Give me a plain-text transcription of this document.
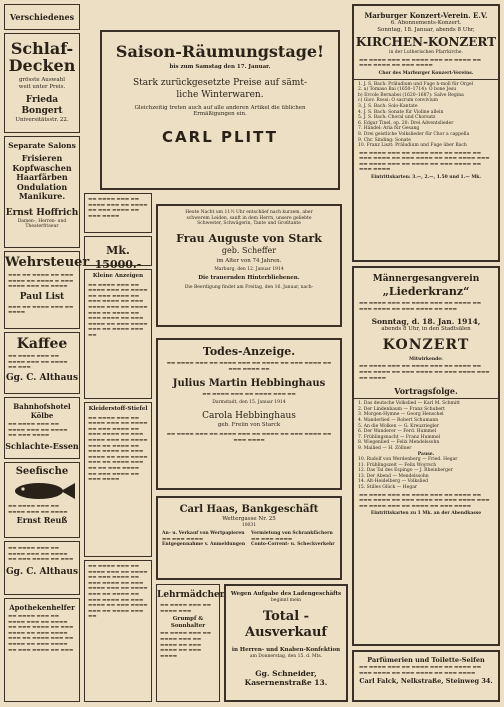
Verschiedenes
Schlaf-
Decken
grösste Auswahl
weit unter Preis.
Frieda Bongert
Universitätsstr. 22.
Separate Salons
Frisieren
Kopfwaschen
Haarfärben
Ondulation
Manikure.
Ernst Hoffrich
Damen-, Herren- und Theaterfriseur
Wehrsteuer
▬▬▬ ▬▬ ▬▬▬▬ ▬▬ ▬▬▬ ▬▬▬▬ ▬▬ ▬▬▬▬ ▬ ▬▬▬ ▬▬▬▬ ▬▬▬ ▬▬ ▬▬▬▬
Paul List
▬▬▬ ▬▬ ▬▬▬▬ ▬▬▬ ▬▬ ▬▬▬▬
Kaffee
▬▬ ▬▬▬▬ ▬▬▬ ▬▬ ▬▬▬▬ ▬▬▬ ▬▬ ▬▬▬▬ ▬▬ ▬▬▬
Gg. C. Althaus
Bahnhofshotel Kölbe
▬▬ ▬▬▬▬ ▬▬▬ ▬▬ ▬▬▬▬ ▬▬▬ ▬▬ ▬▬▬▬ ▬▬ ▬▬▬ ▬▬▬▬
Schlachte-Essen
Seefische
▬▬ ▬▬▬▬ ▬▬▬ ▬▬ ▬▬▬▬ ▬▬▬ ▬▬ ▬▬▬▬
Ernst Reuß
▬▬ ▬▬▬▬ ▬▬▬ ▬▬ ▬▬▬▬ ▬▬▬ ▬▬ ▬▬▬▬ ▬▬ ▬▬▬ ▬▬▬▬ ▬▬ ▬▬▬
Gg. C. Althaus
Apothekenhelfer
▬▬ ▬▬▬▬ ▬▬▬ ▬▬ ▬▬▬▬ ▬▬▬ ▬▬ ▬▬▬▬ ▬▬ ▬▬▬ ▬▬▬▬ ▬▬ ▬▬▬ ▬▬▬▬ ▬▬ ▬▬▬ ▬▬▬▬ ▬▬▬ ▬▬ ▬▬▬▬ ▬▬▬ ▬▬ ▬▬▬▬ ▬▬ ▬▬▬ ▬▬▬▬ ▬▬ ▬▬▬ ▬▬▬▬ ▬▬ ▬▬▬
▬▬ ▬▬▬▬ ▬▬▬ ▬▬ ▬▬▬▬ ▬▬▬ ▬▬ ▬▬▬▬ ▬▬ ▬▬▬ ▬▬▬▬ ▬▬ ▬▬▬ ▬▬▬▬
Mk. 15000.-
Kleine Anzeigen
▬▬ ▬▬▬▬ ▬▬▬ ▬▬ ▬▬▬▬ ▬▬▬ ▬▬ ▬▬▬▬ ▬▬ ▬▬▬ ▬▬▬▬ ▬▬ ▬▬▬ ▬▬▬▬ ▬▬ ▬▬▬ ▬▬▬▬ ▬▬▬ ▬▬ ▬▬▬▬ ▬▬▬ ▬▬ ▬▬▬▬ ▬▬ ▬▬▬ ▬▬▬▬ ▬▬ ▬▬▬ ▬▬▬▬ ▬▬ ▬▬▬ ▬▬▬▬ ▬▬▬ ▬▬ ▬▬▬▬ ▬▬▬ ▬▬
Kleiderstoff-Stiefel
▬▬ ▬▬▬▬ ▬▬▬ ▬▬ ▬▬▬▬ ▬▬▬ ▬▬ ▬▬▬▬ ▬▬ ▬▬▬ ▬▬▬▬ ▬▬ ▬▬▬ ▬▬▬▬ ▬▬ ▬▬▬ ▬▬▬▬ ▬▬▬ ▬▬ ▬▬▬▬ ▬▬▬ ▬▬ ▬▬▬▬ ▬▬ ▬▬▬ ▬▬▬▬ ▬▬ ▬▬▬ ▬▬▬▬ ▬▬ ▬▬▬ ▬▬▬▬ ▬▬▬ ▬▬ ▬▬▬▬ ▬▬▬ ▬▬ ▬▬ ▬▬▬ ▬▬▬▬ ▬▬ ▬▬▬ ▬▬▬▬ ▬▬ ▬▬▬ ▬▬▬▬
▬▬ ▬▬▬▬ ▬▬▬ ▬▬ ▬▬▬▬ ▬▬▬ ▬▬ ▬▬▬▬ ▬▬ ▬▬▬ ▬▬▬▬ ▬▬ ▬▬▬ ▬▬▬▬ ▬▬ ▬▬▬ ▬▬▬▬ ▬▬▬ ▬▬ ▬▬▬▬ ▬▬▬ ▬▬ ▬▬▬▬ ▬▬ ▬▬▬ ▬▬▬▬ ▬▬ ▬▬▬ ▬▬▬▬ ▬▬ ▬▬▬ ▬▬▬▬ ▬▬▬ ▬▬ ▬▬▬▬ ▬▬▬ ▬▬
Saison-Räumungstage!
bis zum Samstag den 17. Januar.
Stark zurückgesetzte Preise auf sämt-
liche Winterwaren.
Gleichzeitig treten auch auf alle anderen Artikel die üblichen
Ermäßigungen ein.
CARL PLITT
Heute Nacht um 11½ Uhr entschlief nach kurzem, aber
schwerem Leiden, sanft in dem Herrn, unsere geliebte
Schwester, Schwägerin, Tante und Großtante
Frau Auguste von Stark
geb. Scheffer
im Alter von 74 Jahren.
Marburg, den 12. Januar 1914
Die trauernden Hinterbliebenen.
Die Beerdigung findet am Freitag, den 16. Januar, nach-
Todes-Anzeige.
▬▬ ▬▬▬▬ ▬▬▬ ▬▬ ▬▬▬▬ ▬▬▬ ▬▬ ▬▬▬▬ ▬▬ ▬▬▬ ▬▬▬▬ ▬▬ ▬▬▬ ▬▬▬▬ ▬▬
Julius Martin Hebbinghaus
▬▬ ▬▬▬▬ ▬▬▬ ▬▬ ▬▬▬▬ ▬▬▬ ▬▬
Darmstadt, den 15. Januar 1914
Carola Hebbinghaus
geb. Freiin von Starck
▬▬ ▬▬▬▬ ▬▬▬ ▬▬ ▬▬▬▬ ▬▬▬ ▬▬ ▬▬▬▬ ▬▬ ▬▬▬ ▬▬▬▬ ▬▬ ▬▬▬ ▬▬▬▬
Carl Haas, Bankgeschäft
Wettergasse Nr. 25
10031
An- u. Verkauf von Wertpapieren
▬▬ ▬▬▬ ▬▬▬▬
Entgegennahme v. Anmeldungen
Vermietung von Schrankfächern
▬▬ ▬▬▬ ▬▬▬▬
Conto-Corrent- u. Scheckverkehr
Lehrmädchen
▬▬ ▬▬▬▬ ▬▬▬ ▬▬ ▬▬▬▬ ▬▬▬
Grumpf & Sonnhalter
▬▬ ▬▬▬▬ ▬▬▬ ▬▬ ▬▬▬▬ ▬▬▬ ▬▬ ▬▬▬▬ ▬▬ ▬▬▬ ▬▬▬▬ ▬▬ ▬▬▬ ▬▬▬▬
Wegen Aufgabe des Ladengeschäfts
beginnt mein
Total - Ausverkauf
in Herren- und Knaben-Konfektion
am Donnerstag, den 15. d. Mts.
Gg. Schneider, Kasernenstraße 13.
Marburger Konzert-Verein. E.V.
6. Abonnements-Konzert.
Sonntag, 18. Januar, abends 8 Uhr,
KIRCHEN-KONZERT
in der Lutherischen Pfarrkirche.
▬▬ ▬▬▬▬ ▬▬▬ ▬▬ ▬▬▬▬ ▬▬▬ ▬▬ ▬▬▬▬ ▬▬ ▬▬▬ ▬▬▬▬ ▬▬ ▬▬▬ ▬▬▬▬
Chor des Marburger Konzert-Vereins.
1. J. S. Bach: Präludium und Fuge h-moll für Orgel
2. a) Tomaso Bai (1650–1714): O bone Jesu
b) Ercole Bernabei (1620–1687): Salve Regina
c) Giov. Rossi: O sacrum convivium
3. J. S. Bach: Solo-Kantate
4. J. S. Bach: Sonate für Violine allein
5. J. S. Bach: Choral und Chorsatz
6. Edgar Tinel, op. 20: Drei Adventslieder
7. Händel: Aria für Gesang
8. Drei geistliche Volkslieder für Chor a cappella
9. Chr. Sinding: Sonate
10. Franz Liszt: Präludium und Fuge über Bach
▬▬ ▬▬▬▬ ▬▬▬ ▬▬ ▬▬▬▬ ▬▬▬ ▬▬ ▬▬▬▬ ▬▬ ▬▬▬ ▬▬▬▬ ▬▬ ▬▬▬ ▬▬▬▬ ▬▬ ▬▬▬ ▬▬▬▬ ▬▬▬ ▬▬ ▬▬▬▬ ▬▬▬ ▬▬ ▬▬▬▬ ▬▬ ▬▬▬ ▬▬▬▬ ▬▬ ▬▬▬ ▬▬▬▬
Eintrittskarten: 3.—, 2.—, 1.50 und 1.— Mk.
Männergesangverein
„Liederkranz“
▬▬ ▬▬▬▬ ▬▬▬ ▬▬ ▬▬▬▬ ▬▬▬ ▬▬ ▬▬▬▬ ▬▬ ▬▬▬ ▬▬▬▬ ▬▬ ▬▬▬ ▬▬▬▬ ▬▬ ▬▬▬
Sonntag, d. 18. Jan. 1914,
abends 8 Uhr, in den Stadtsälen
KONZERT
Mitwirkende:
▬▬ ▬▬▬▬ ▬▬▬ ▬▬ ▬▬▬▬ ▬▬▬ ▬▬ ▬▬▬▬ ▬▬ ▬▬▬ ▬▬▬▬ ▬▬ ▬▬▬ ▬▬▬▬ ▬▬ ▬▬▬ ▬▬▬▬ ▬▬▬ ▬▬ ▬▬▬▬
Vortragsfolge.
1. Das deutsche Volkslied — Karl M. Schmitt
2. Der Lindenbaum — Franz Schubert
3. Morgen-Hymne — Georg Henschel
4. Wanderlied — Robert Schumann
5. An die Wolken — G. Kreuzriegler
6. Der Wanderer — Ferd. Hummel
7. Frühlingsnacht — Franz Hummel
8. Wiegenlied — Felix Mendelssohn
9. Mailied — H. Zöllner
Pause.
10. Rudolf von Werdenberg — Fried. Hegar
11. Frühlingszeit — Felix Woyrsch
12. Das Tal des Espingo — J. Rheinberger
13. Der Abend — Mendelssohn
14. Alt-Heidelberg — Volkslied
15. Stilles Glück — Hegar
▬▬ ▬▬▬▬ ▬▬▬ ▬▬ ▬▬▬▬ ▬▬▬ ▬▬ ▬▬▬▬ ▬▬ ▬▬▬ ▬▬▬▬ ▬▬ ▬▬▬ ▬▬▬▬ ▬▬ ▬▬▬ ▬▬▬▬ ▬▬▬ ▬▬ ▬▬▬▬ ▬▬▬ ▬▬ ▬▬▬▬ ▬▬ ▬▬▬ ▬▬▬▬
Eintrittskarten zu 1 Mk. an der Abendkasse
Parfümerien und Toilette-Seifen
▬▬ ▬▬▬▬ ▬▬▬ ▬▬ ▬▬▬▬ ▬▬▬ ▬▬ ▬▬▬▬ ▬▬ ▬▬▬ ▬▬▬▬ ▬▬ ▬▬▬ ▬▬▬▬ ▬▬ ▬▬▬ ▬▬▬▬
Carl Falck, Nelkstraße, Steinweg 34.
